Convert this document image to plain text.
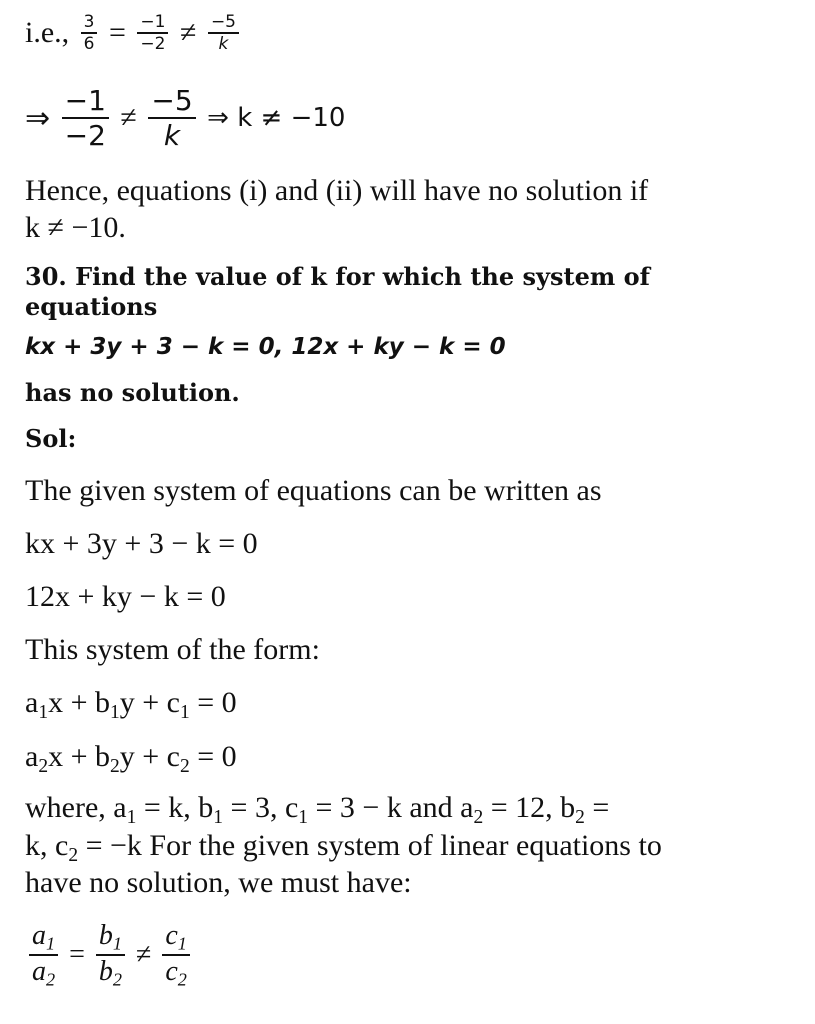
i.e., $\frac{3}{6} = \frac{-1}{-2} \ne \frac{-5}{k}$
⇒ $\frac{-1}{-2} \ne \frac{-5}{k}$ ⇒ k ≠ −10
Hence, equations (i) and (ii) will have no solution if
k ≠ −10.
30. Find the value of k for which the system of
equations
kx + 3y + 3 − k = 0, 12x + ky − k = 0
has no solution.
Sol:
The given system of equations can be written as
kx + 3y + 3 − k = 0
12x + ky − k = 0
This system of the form:
$a_1x + b_1y + c_1 = 0$
$a_2x + b_2y + c_2 = 0$
where, $a_1 = k$, $b_1 = 3$, $c_1 = 3 - k$ and $a_2 = 12$, $b_2$ =
k, $c_2 = -k$ For the given system of linear equations to
have no solution, we must have:
$\frac{a_1}{a_2} = \frac{b_1}{b_2} \ne \frac{c_1}{c_2}$
